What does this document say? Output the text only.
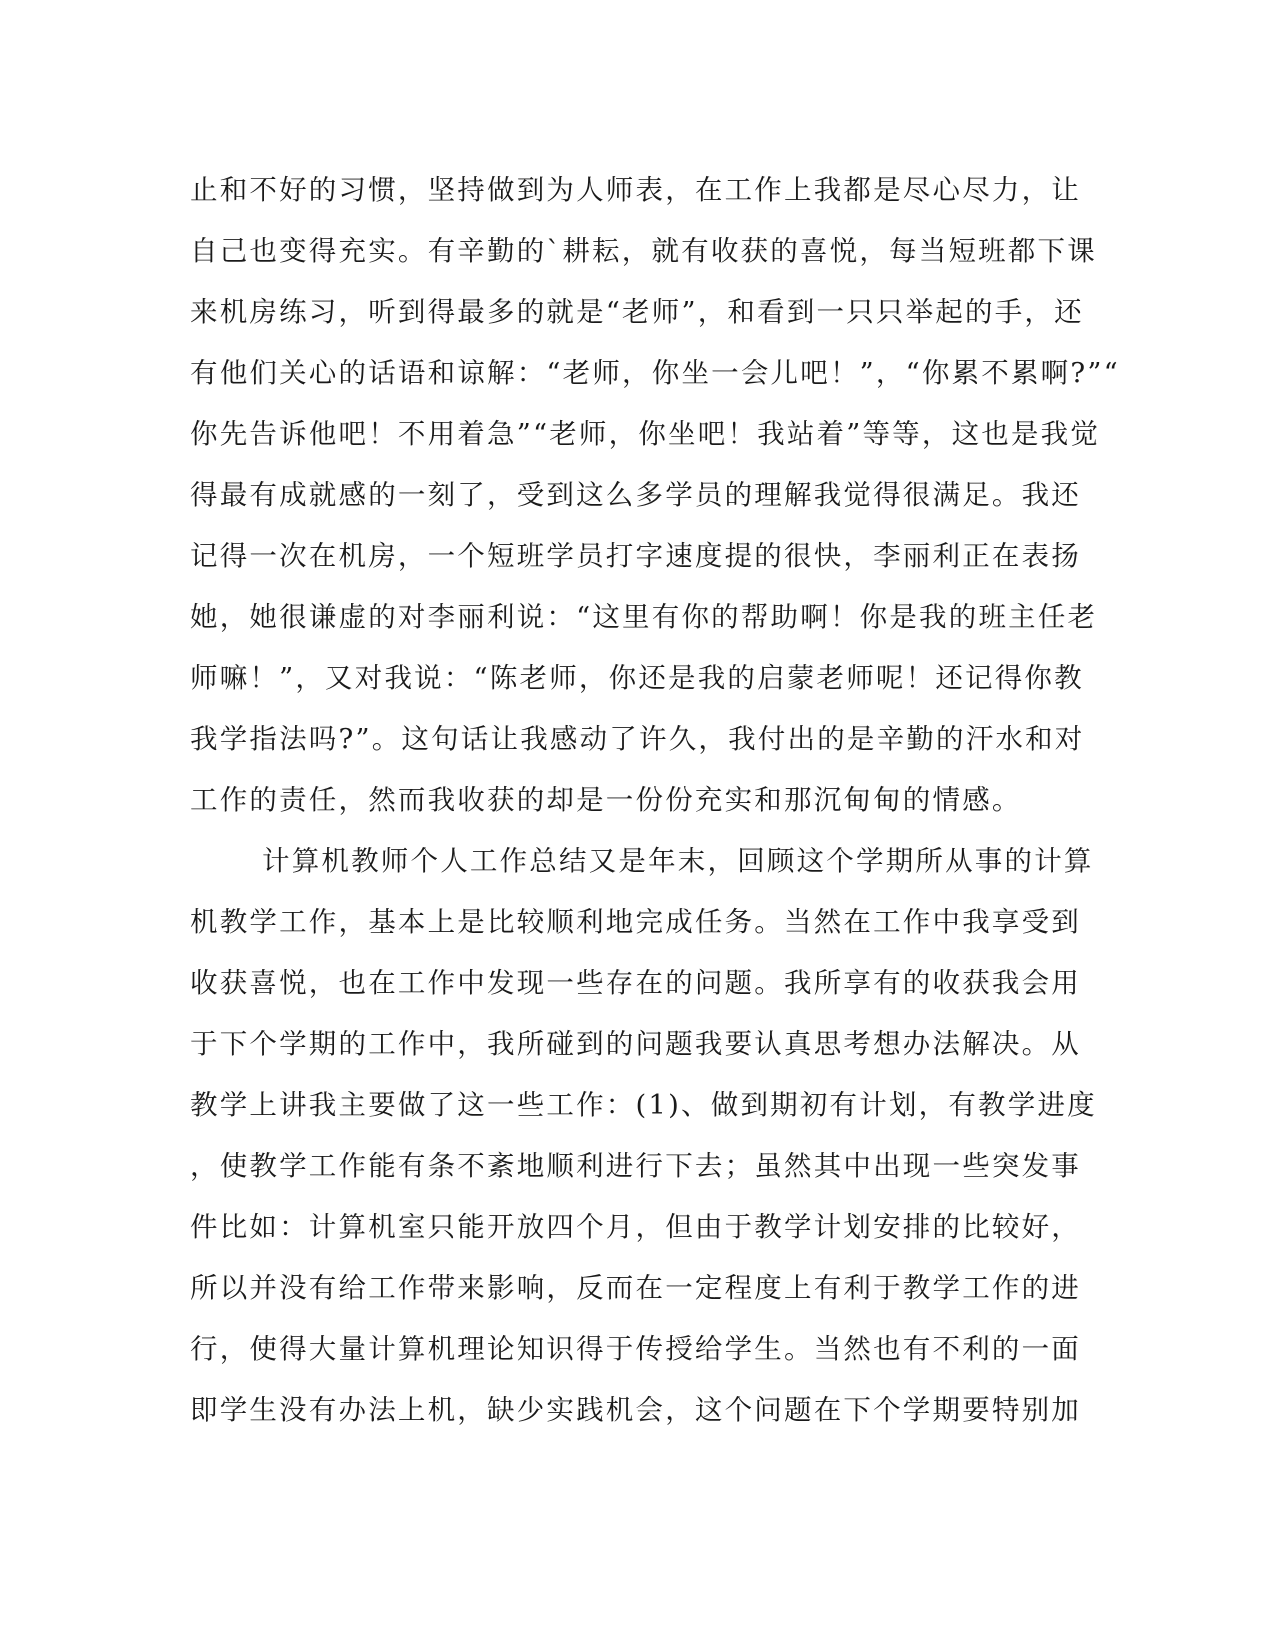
止和不好的习惯，坚持做到为人师表，在工作上我都是尽心尽力，让
自己也变得充实。有辛勤的`耕耘，就有收获的喜悦，每当短班都下课
来机房练习，听到得最多的就是“老师”，和看到一只只举起的手，还
有他们关心的话语和谅解：“老师，你坐一会儿吧！”，“你累不累啊?”“
你先告诉他吧！不用着急”“老师，你坐吧！我站着”等等，这也是我觉
得最有成就感的一刻了，受到这么多学员的理解我觉得很满足。我还
记得一次在机房，一个短班学员打字速度提的很快，李丽利正在表扬
她，她很谦虚的对李丽利说：“这里有你的帮助啊！你是我的班主任老
师嘛！”，又对我说：“陈老师，你还是我的启蒙老师呢！还记得你教
我学指法吗?”。这句话让我感动了许久，我付出的是辛勤的汗水和对
工作的责任，然而我收获的却是一份份充实和那沉甸甸的情感。
计算机教师个人工作总结又是年末，回顾这个学期所从事的计算
机教学工作，基本上是比较顺利地完成任务。当然在工作中我享受到
收获喜悦，也在工作中发现一些存在的问题。我所享有的收获我会用
于下个学期的工作中，我所碰到的问题我要认真思考想办法解决。从
教学上讲我主要做了这一些工作：(1)、做到期初有计划，有教学进度
，使教学工作能有条不紊地顺利进行下去；虽然其中出现一些突发事
件比如：计算机室只能开放四个月，但由于教学计划安排的比较好，
所以并没有给工作带来影响，反而在一定程度上有利于教学工作的进
行，使得大量计算机理论知识得于传授给学生。当然也有不利的一面
即学生没有办法上机，缺少实践机会，这个问题在下个学期要特别加
